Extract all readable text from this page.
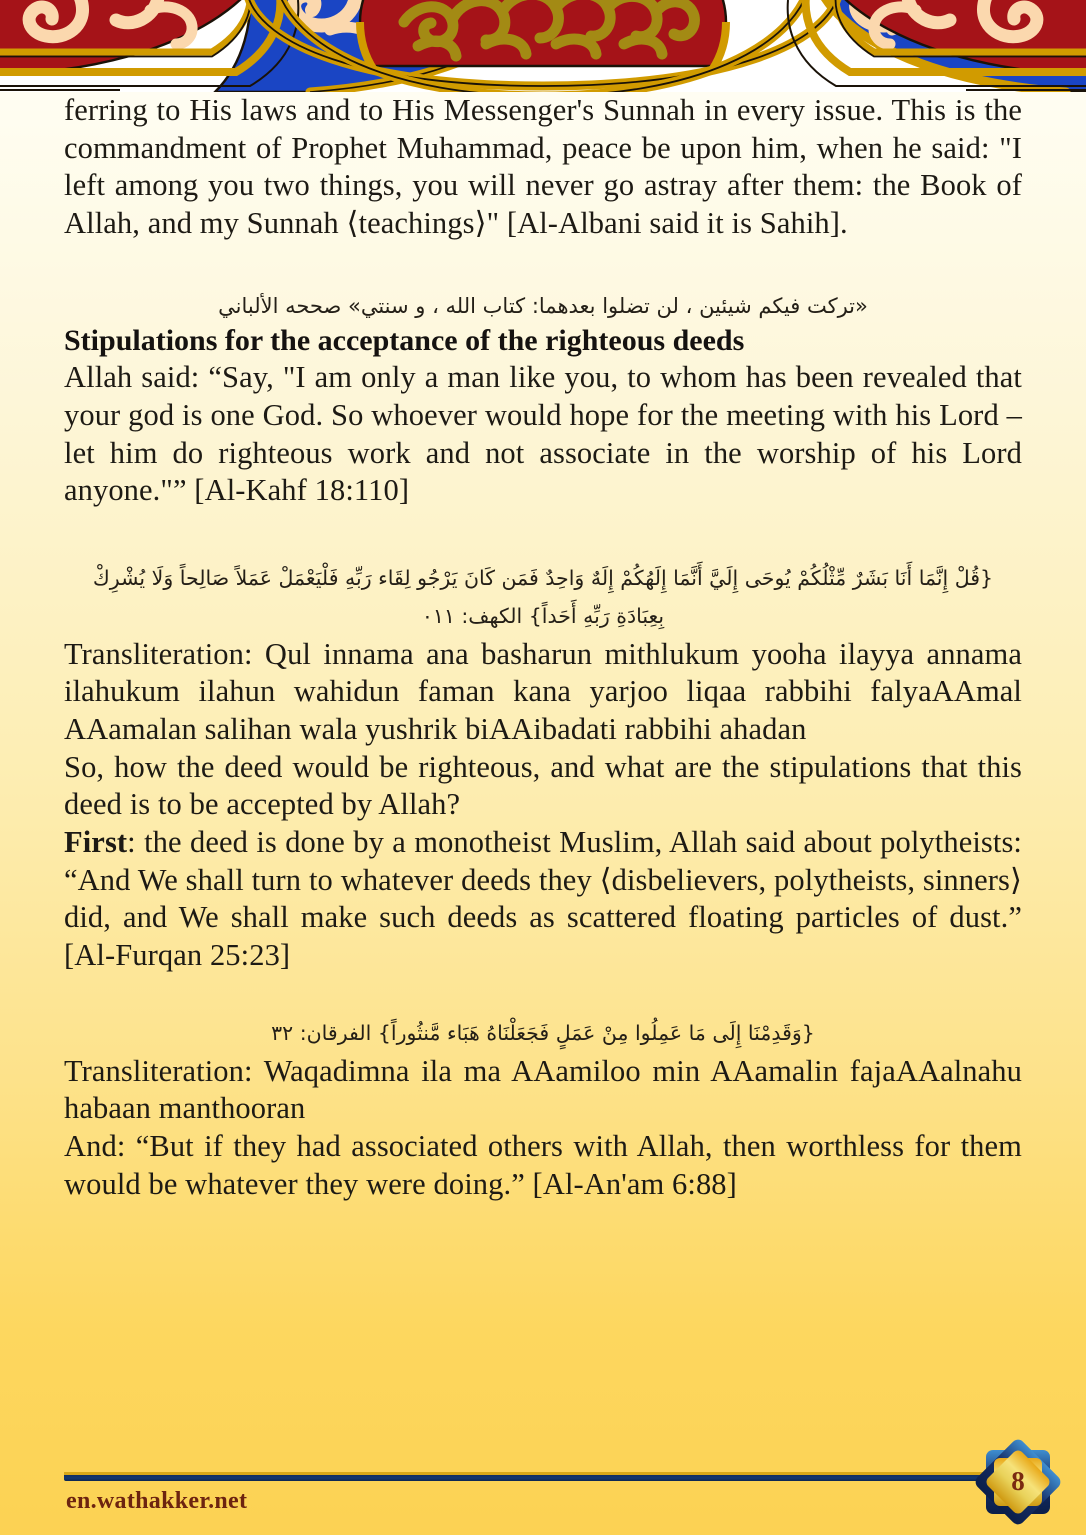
ferring to His laws and to His Messenger's Sunnah in every issue. This is the commandment of Prophet Muhammad, peace be upon him, when he said: "I left among you two things, you will never go astray after them: the Book of Allah, and my Sunnah ⟨teachings⟩" [Al-Albani said it is Sahih].

«تركت فيكم شيئين ، لن تضلوا بعدهما: كتاب الله ، و سنتي» صححه الألباني
Stipulations for the acceptance of the righteous deeds

Allah said: “Say, "I am only a man like you, to whom has been revealed that your god is one God. So whoever would hope for the meeting with his Lord – let him do righteous work and not associate in the worship of his Lord anyone."” [Al-Kahf 18:110]

{قُلْ إِنَّمَا أَنَا بَشَرٌ مِّثْلُكُمْ يُوحَى إِلَيَّ أَنَّمَا إِلَهُكُمْ إِلَهٌ وَاحِدٌ فَمَن كَانَ يَرْجُو لِقَاء رَبِّهِ فَلْيَعْمَلْ عَمَلاً صَالِحاً وَلَا يُشْرِكْ
بِعِبَادَةِ رَبِّهِ أَحَداً} الكهف: ١١٠

Transliteration: Qul innama ana basharun mithlukum yooha ilayya annama ilahukum ilahun wahidun faman kana yarjoo liqaa rabbihi falyaAAmal AAamalan salihan wala yushrik biAAibadati rabbihi ahadan

So, how the deed would be righteous, and what are the stipulations that this deed is to be accepted by Allah?

First: the deed is done by a monotheist Muslim, Allah said about polytheists: “And We shall turn to whatever deeds they ⟨disbelievers, polytheists, sinners⟩ did, and We shall make such deeds as scattered floating particles of dust.” [Al-Furqan 25:23]

{وَقَدِمْنَا إِلَى مَا عَمِلُوا مِنْ عَمَلٍ فَجَعَلْنَاهُ هَبَاء مَّنثُوراً} الفرقان: ٢٣

Transliteration: Waqadimna ila ma AAamiloo min AAamalin fajaAAalnahu habaan manthooran

And: “But if they had associated others with Allah, then worthless for them would be whatever they were doing.” [Al-An'am 6:88]

en.wathakker.net
8
